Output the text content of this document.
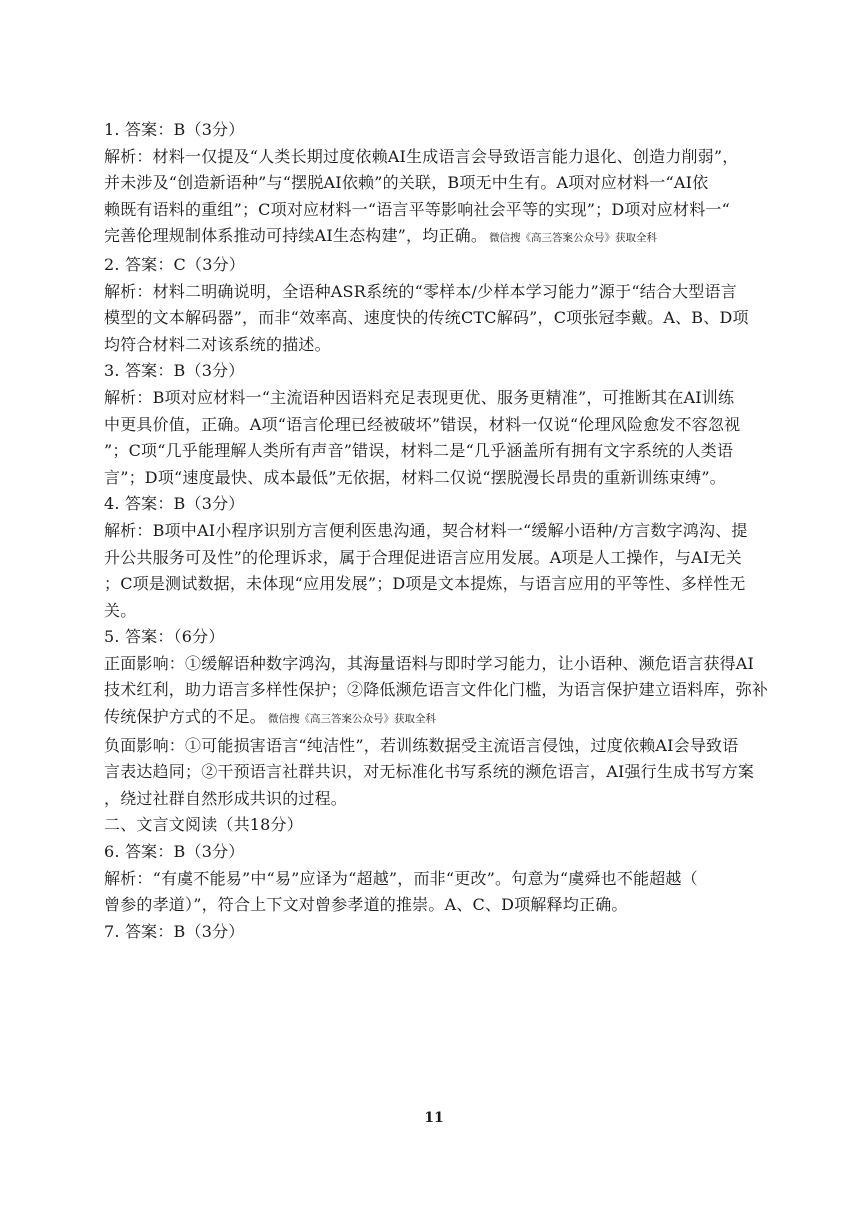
1. 答案：B（3分）
解析：材料一仅提及“人类长期过度依赖AI生成语言会导致语言能力退化、创造力削弱”，
并未涉及“创造新语种”与“摆脱AI依赖”的关联，B项无中生有。A项对应材料一“AI依
赖既有语料的重组”；C项对应材料一“语言平等影响社会平等的实现”；D项对应材料一“
完善伦理规制体系推动可持续AI生态构建”，均正确。 微信搜《高三答案公众号》获取全科
2. 答案：C（3分）
解析：材料二明确说明，全语种ASR系统的“零样本/少样本学习能力”源于“结合大型语言
模型的文本解码器”，而非“效率高、速度快的传统CTC解码”，C项张冠李戴。A、B、D项
均符合材料二对该系统的描述。
3. 答案：B（3分）
解析：B项对应材料一“主流语种因语料充足表现更优、服务更精准”，可推断其在AI训练
中更具价值，正确。A项“语言伦理已经被破坏”错误，材料一仅说“伦理风险愈发不容忽视
”；C项“几乎能理解人类所有声音”错误，材料二是“几乎涵盖所有拥有文字系统的人类语
言”；D项“速度最快、成本最低”无依据，材料二仅说“摆脱漫长昂贵的重新训练束缚”。
4. 答案：B（3分）
解析：B项中AI小程序识别方言便利医患沟通，契合材料一“缓解小语种/方言数字鸿沟、提
升公共服务可及性”的伦理诉求，属于合理促进语言应用发展。A项是人工操作，与AI无关
；C项是测试数据，未体现“应用发展”；D项是文本提炼，与语言应用的平等性、多样性无
关。
5. 答案：（6分）
正面影响：①缓解语种数字鸿沟，其海量语料与即时学习能力，让小语种、濒危语言获得AI
技术红利，助力语言多样性保护；②降低濒危语言文件化门槛，为语言保护建立语料库，弥补
传统保护方式的不足。 微信搜《高三答案公众号》获取全科
负面影响：①可能损害语言“纯洁性”，若训练数据受主流语言侵蚀，过度依赖AI会导致语
言表达趋同；②干预语言社群共识，对无标准化书写系统的濒危语言，AI强行生成书写方案
，绕过社群自然形成共识的过程。
二、文言文阅读（共18分）
6. 答案：B（3分）
解析：“有虞不能易”中“易”应译为“超越”，而非“更改”。句意为“虞舜也不能超越（
曾参的孝道）”，符合上下文对曾参孝道的推崇。A、C、D项解释均正确。
7. 答案：B（3分）
11
